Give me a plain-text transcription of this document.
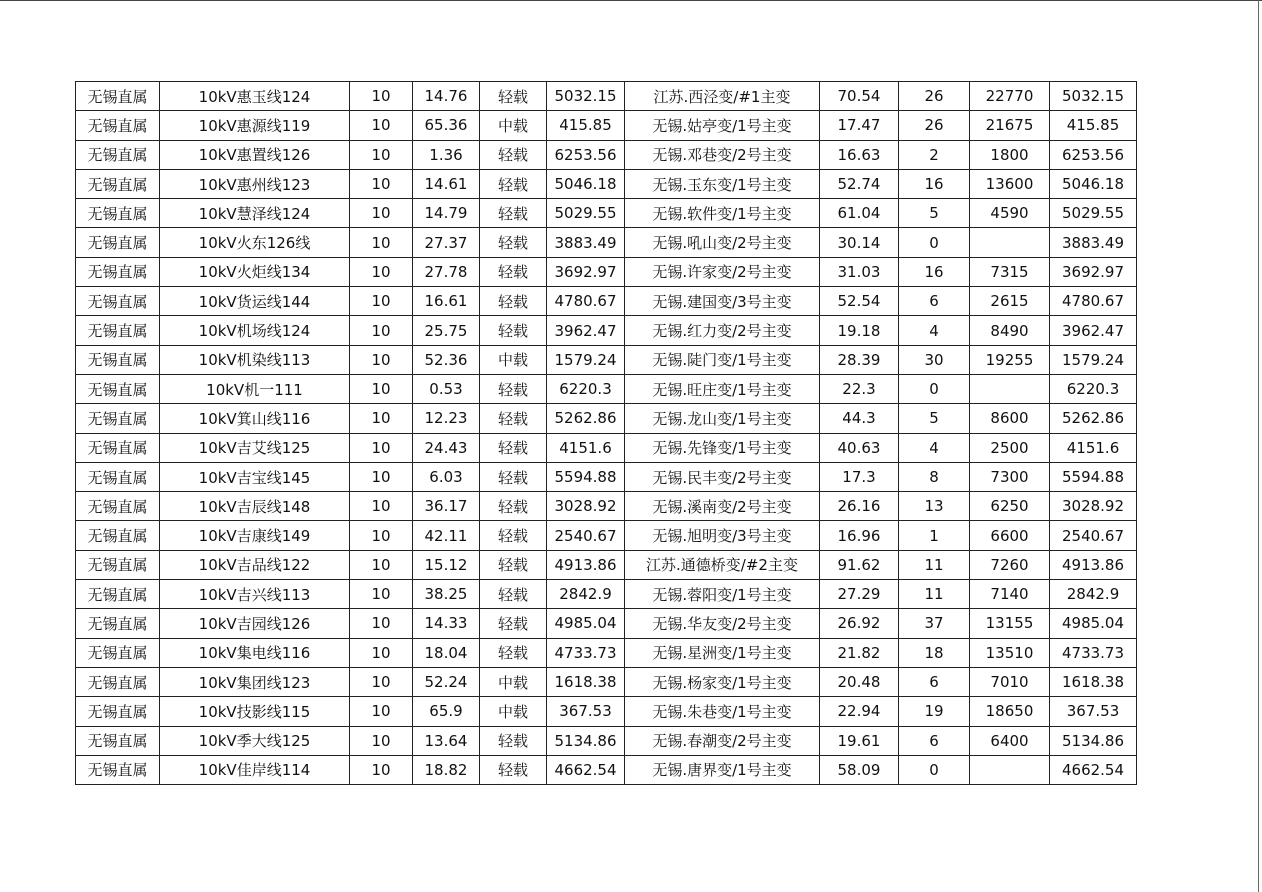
无锡直属	10kV惠玉线124	10	14.76	轻载	5032.15	江苏.西泾变/#1主变	70.54	26	22770	5032.15
无锡直属	10kV惠源线119	10	65.36	中载	415.85	无锡.姑亭变/1号主变	17.47	26	21675	415.85
无锡直属	10kV惠置线126	10	1.36	轻载	6253.56	无锡.邓巷变/2号主变	16.63	2	1800	6253.56
无锡直属	10kV惠州线123	10	14.61	轻载	5046.18	无锡.玉东变/1号主变	52.74	16	13600	5046.18
无锡直属	10kV慧泽线124	10	14.79	轻载	5029.55	无锡.软件变/1号主变	61.04	5	4590	5029.55
无锡直属	10kV火东126线	10	27.37	轻载	3883.49	无锡.吼山变/2号主变	30.14	0		3883.49
无锡直属	10kV火炬线134	10	27.78	轻载	3692.97	无锡.许家变/2号主变	31.03	16	7315	3692.97
无锡直属	10kV货运线144	10	16.61	轻载	4780.67	无锡.建国变/3号主变	52.54	6	2615	4780.67
无锡直属	10kV机场线124	10	25.75	轻载	3962.47	无锡.红力变/2号主变	19.18	4	8490	3962.47
无锡直属	10kV机染线113	10	52.36	中载	1579.24	无锡.陡门变/1号主变	28.39	30	19255	1579.24
无锡直属	10kV机一111	10	0.53	轻载	6220.3	无锡.旺庄变/1号主变	22.3	0		6220.3
无锡直属	10kV箕山线116	10	12.23	轻载	5262.86	无锡.龙山变/1号主变	44.3	5	8600	5262.86
无锡直属	10kV吉艾线125	10	24.43	轻载	4151.6	无锡.先锋变/1号主变	40.63	4	2500	4151.6
无锡直属	10kV吉宝线145	10	6.03	轻载	5594.88	无锡.民丰变/2号主变	17.3	8	7300	5594.88
无锡直属	10kV吉辰线148	10	36.17	轻载	3028.92	无锡.溪南变/2号主变	26.16	13	6250	3028.92
无锡直属	10kV吉康线149	10	42.11	轻载	2540.67	无锡.旭明变/3号主变	16.96	1	6600	2540.67
无锡直属	10kV吉品线122	10	15.12	轻载	4913.86	江苏.通德桥变/#2主变	91.62	11	7260	4913.86
无锡直属	10kV吉兴线113	10	38.25	轻载	2842.9	无锡.蓉阳变/1号主变	27.29	11	7140	2842.9
无锡直属	10kV吉园线126	10	14.33	轻载	4985.04	无锡.华友变/2号主变	26.92	37	13155	4985.04
无锡直属	10kV集电线116	10	18.04	轻载	4733.73	无锡.星洲变/1号主变	21.82	18	13510	4733.73
无锡直属	10kV集团线123	10	52.24	中载	1618.38	无锡.杨家变/1号主变	20.48	6	7010	1618.38
无锡直属	10kV技影线115	10	65.9	中载	367.53	无锡.朱巷变/1号主变	22.94	19	18650	367.53
无锡直属	10kV季大线125	10	13.64	轻载	5134.86	无锡.春潮变/2号主变	19.61	6	6400	5134.86
无锡直属	10kV佳岸线114	10	18.82	轻载	4662.54	无锡.唐界变/1号主变	58.09	0		4662.54
